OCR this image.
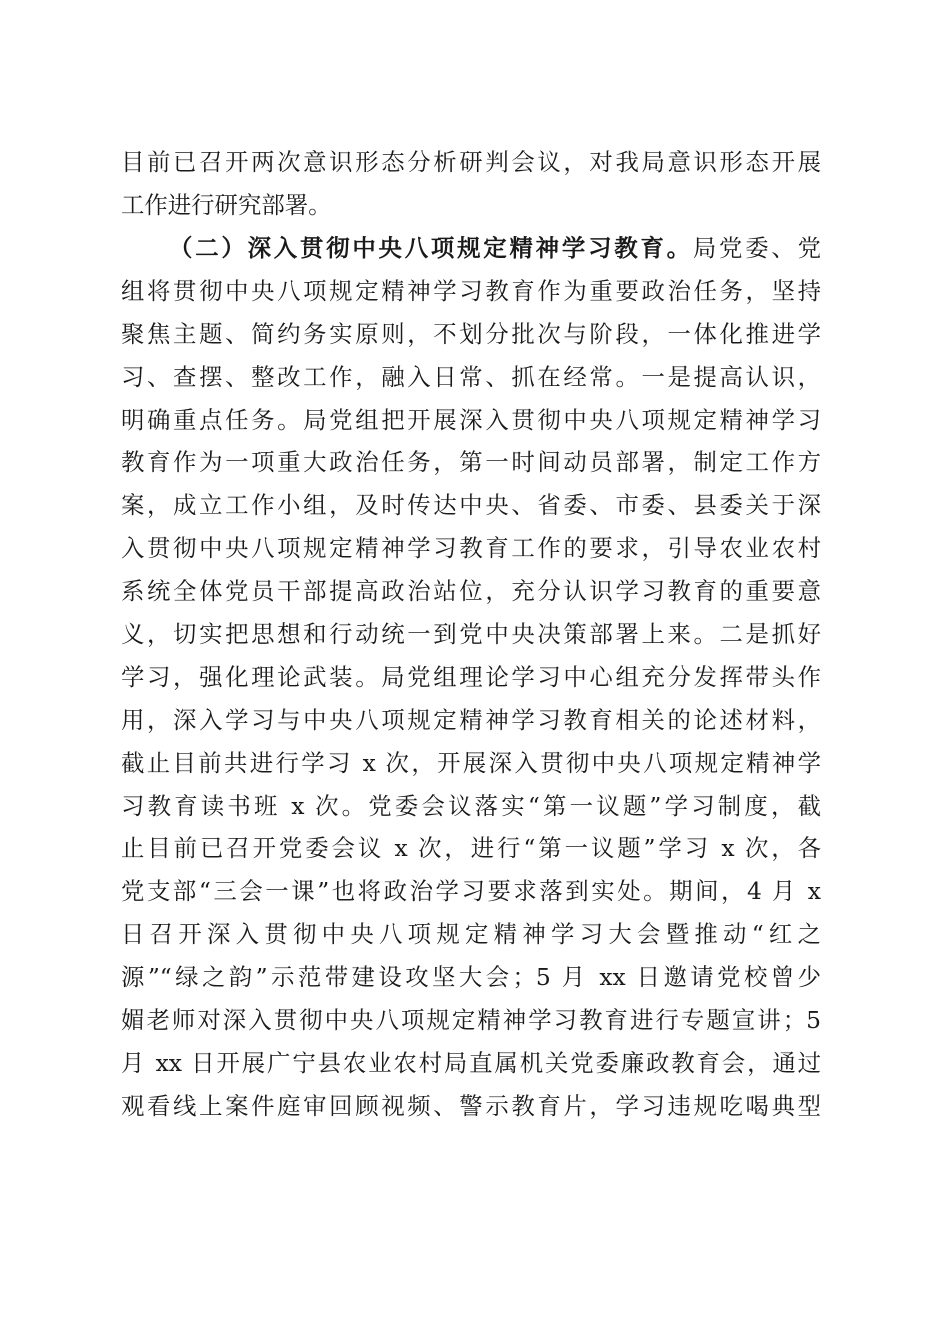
目前已召开两次意识形态分析研判会议，对我局意识形态开展
工作进行研究部署。
（二）深入贯彻中央八项规定精神学习教育。局党委、党
组将贯彻中央八项规定精神学习教育作为重要政治任务，坚持
聚焦主题、简约务实原则，不划分批次与阶段，一体化推进学
习、查摆、整改工作，融入日常、抓在经常。一是提高认识，
明确重点任务。局党组把开展深入贯彻中央八项规定精神学习
教育作为一项重大政治任务，第一时间动员部署，制定工作方
案，成立工作小组，及时传达中央、省委、市委、县委关于深
入贯彻中央八项规定精神学习教育工作的要求，引导农业农村
系统全体党员干部提高政治站位，充分认识学习教育的重要意
义，切实把思想和行动统一到党中央决策部署上来。二是抓好
学习，强化理论武装。局党组理论学习中心组充分发挥带头作
用，深入学习与中央八项规定精神学习教育相关的论述材料，
截止目前共进行学习 x 次，开展深入贯彻中央八项规定精神学
习教育读书班 x 次。党委会议落实“第一议题”学习制度，截
止目前已召开党委会议 x 次，进行“第一议题”学习 x 次，各
党支部“三会一课”也将政治学习要求落到实处。期间，4 月 x
日召开深入贯彻中央八项规定精神学习大会暨推动“红之
源”“绿之韵”示范带建设攻坚大会；5 月 xx 日邀请党校曾少
媚老师对深入贯彻中央八项规定精神学习教育进行专题宣讲；5
月 xx 日开展广宁县农业农村局直属机关党委廉政教育会，通过
观看线上案件庭审回顾视频、警示教育片，学习违规吃喝典型
